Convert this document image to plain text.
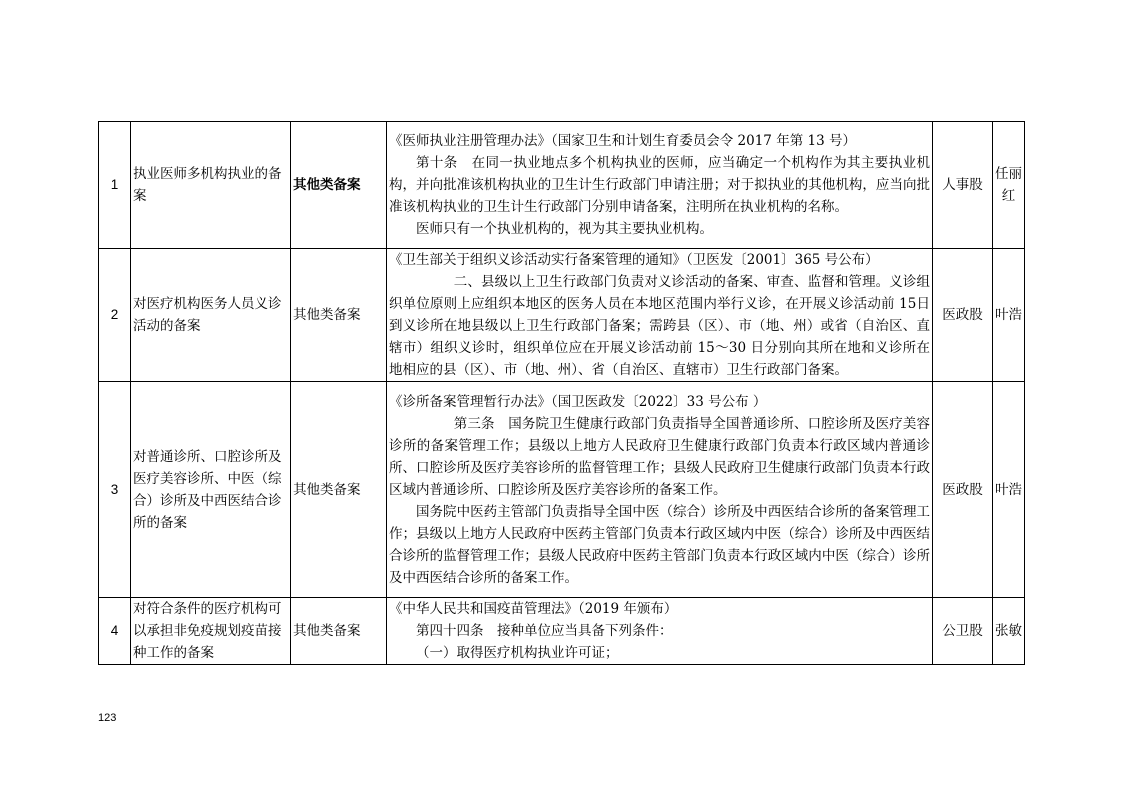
1	执业医师多机构执业的备案	其他类备案	《医师执业注册管理办法》（国家卫生和计划生育委员会令 2017 年第 13 号）

第十条　在同一执业地点多个机构执业的医师，应当确定一个机构作为其主要执业机构，并向批准该机构执业的卫生计生行政部门申请注册；对于拟执业的其他机构，应当向批准该机构执业的卫生计生行政部门分别申请备案，注明所在执业机构的名称。

医师只有一个执业机构的，视为其主要执业机构。	人事股	任丽红
2	对医疗机构医务人员义诊活动的备案	其他类备案	《卫生部关于组织义诊活动实行备案管理的通知》（卫医发〔2001〕365 号公布）

二、县级以上卫生行政部门负责对义诊活动的备案、审查、监督和管理。义诊组织单位原则上应组织本地区的医务人员在本地区范围内举行义诊，在开展义诊活动前 15日到义诊所在地县级以上卫生行政部门备案；需跨县（区）、市（地、州）或省（自治区、直辖市）组织义诊时，组织单位应在开展义诊活动前 15～30 日分别向其所在地和义诊所在地相应的县（区）、市（地、州）、省（自治区、直辖市）卫生行政部门备案。	医政股	叶浩
3	对普通诊所、口腔诊所及医疗美容诊所、中医（综合）诊所及中西医结合诊所的备案	其他类备案	《诊所备案管理暂行办法》（国卫医政发〔2022〕33 号公布 ）

第三条　国务院卫生健康行政部门负责指导全国普通诊所、口腔诊所及医疗美容诊所的备案管理工作；县级以上地方人民政府卫生健康行政部门负责本行政区域内普通诊所、口腔诊所及医疗美容诊所的监督管理工作；县级人民政府卫生健康行政部门负责本行政区域内普通诊所、口腔诊所及医疗美容诊所的备案工作。

国务院中医药主管部门负责指导全国中医（综合）诊所及中西医结合诊所的备案管理工作；县级以上地方人民政府中医药主管部门负责本行政区域内中医（综合）诊所及中西医结合诊所的监督管理工作；县级人民政府中医药主管部门负责本行政区域内中医（综合）诊所及中西医结合诊所的备案工作。	医政股	叶浩
4	对符合条件的医疗机构可以承担非免疫规划疫苗接种工作的备案	其他类备案	《中华人民共和国疫苗管理法》（2019 年颁布）

第四十四条　接种单位应当具备下列条件：

（一）取得医疗机构执业许可证；	公卫股	张敏
123
